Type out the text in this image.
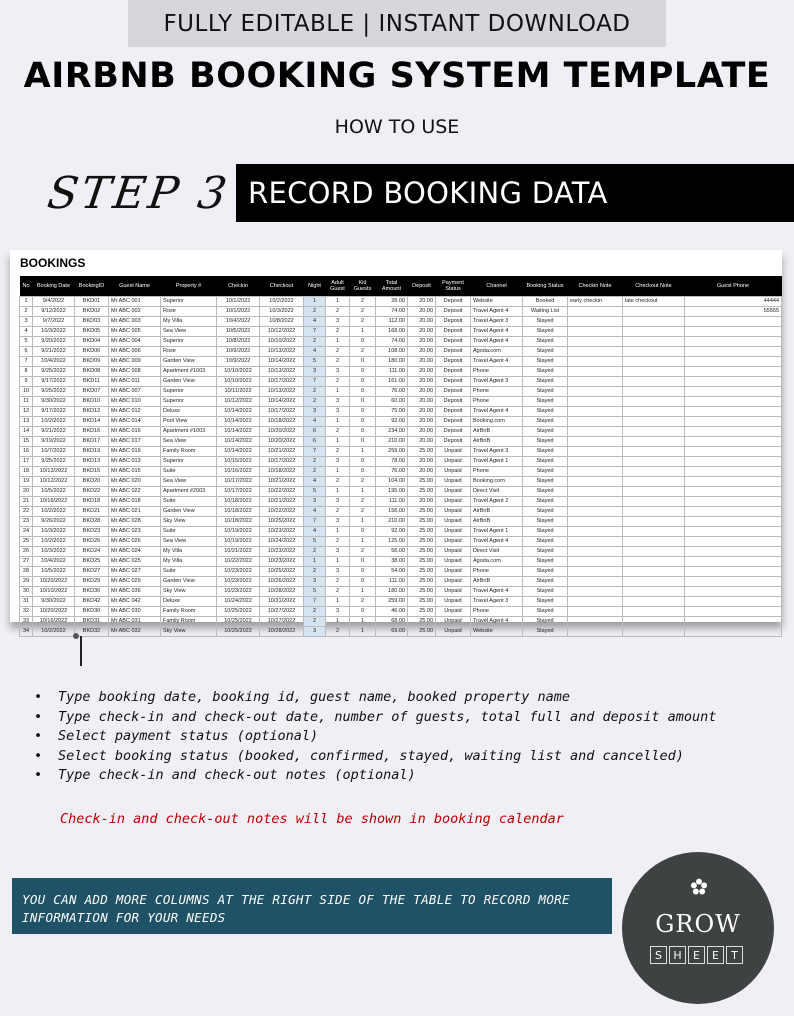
FULLY EDITABLE | INSTANT DOWNLOAD
AIRBNB BOOKING SYSTEM TEMPLATE
HOW TO USE
STEP 3 RECORD BOOKING DATA
BOOKINGS
No	Booking Date	BookingID	Guest Name	Property #	Checkin	Checkout	Night	Adult Guest	Kid Guests	Total Amount	Deposit	Payment Status	Channel	Booking Status	Checkin Note	Checkout Note	Guest Phone
1	9/4/2022	BKD01	Mr ABC 001	Superior	10/1/2022	10/2/2022	1	1	2	28.00	20.00	Deposit	Website	Booked	early checkin	late checkout	44444
2	9/12/2022	BKD02	Mr ABC 002	Rose	10/1/2022	10/3/2022	2	2	2	74.00	20.00	Deposit	Travel Agent 4	Waiting List			55555
3	9/7/2022	BKD03	Mr ABC 003	My Villa	10/4/2022	10/8/2022	4	3	2	112.00	20.00	Deposit	Travel Agent 3	Stayed			
4	10/3/2022	BKD05	Mr ABC 005	Sea View	10/5/2022	10/12/2022	7	2	1	168.00	20.00	Deposit	Travel Agent 4	Stayed			
5	9/20/2022	BKD04	Mr ABC 004	Superior	10/8/2022	10/10/2022	2	1	0	74.00	20.00	Deposit	Travel Agent 4	Stayed			
6	9/21/2022	BKD06	Mr ABC 006	Rose	10/9/2022	10/13/2022	4	2	2	108.00	20.00	Deposit	Agoda.com	Stayed			
7	10/4/2022	BKD09	Mr ABC 009	Garden View	10/9/2022	10/14/2022	5	2	0	180.00	20.00	Deposit	Travel Agent 4	Stayed			
8	9/25/2022	BKD08	Mr ABC 008	Apartment #1003	10/10/2022	10/13/2022	3	3	0	111.00	20.00	Deposit	Phone	Stayed			
9	9/17/2022	BKD11	Mr ABC 011	Garden View	10/10/2022	10/17/2022	7	2	0	161.00	20.00	Deposit	Travel Agent 3	Stayed			
10	9/25/2022	BKD07	Mr ABC 007	Superior	10/11/2022	10/13/2022	2	1	0	76.00	20.00	Deposit	Phone	Stayed			
11	9/30/2022	BKD10	Mr ABC 010	Superior	10/12/2022	10/14/2022	2	3	0	60.00	20.00	Deposit	Phone	Stayed			
12	9/17/2022	BKD12	Mr ABC 012	Deluxe	10/14/2022	10/17/2022	3	3	0	75.00	20.00	Deposit	Travel Agent 4	Stayed			
13	10/2/2022	BKD14	Mr ABC 014	Pool View	10/14/2022	10/18/2022	4	1	0	92.00	20.00	Deposit	Booking.com	Stayed			
14	9/21/2022	BKD16	Mr ABC 016	Apartment #1003	10/14/2022	10/20/2022	6	2	0	234.00	20.00	Deposit	AirBnB	Stayed			
15	9/19/2022	BKD17	Mr ABC 017	Sea View	10/14/2022	10/20/2022	6	1	0	210.00	20.00	Deposit	AirBnB	Stayed			
16	10/7/2022	BKD19	Mr ABC 019	Family Room	10/14/2022	10/21/2022	7	2	1	259.00	25.00	Unpaid	Travel Agent 3	Stayed			
17	9/25/2022	BKD13	Mr ABC 013	Superior	10/15/2022	10/17/2022	2	3	0	78.00	20.00	Unpaid	Travel Agent 1	Stayed			
18	10/13/2022	BKD15	Mr ABC 015	Suite	10/16/2022	10/18/2022	2	1	0	76.00	20.00	Unpaid	Phone	Stayed			
19	10/12/2022	BKD20	Mr ABC 020	Sea View	10/17/2022	10/21/2022	4	2	2	104.00	25.00	Unpaid	Booking.com	Stayed			
20	10/5/2022	BKD22	Mr ABC 022	Apartment #2003	10/17/2022	10/22/2022	5	1	1	195.00	25.00	Unpaid	Direct Visit	Stayed			
21	10/16/2022	BKD18	Mr ABC 018	Suite	10/18/2022	10/21/2022	3	3	2	111.00	20.00	Unpaid	Travel Agent 2	Stayed			
22	10/2/2022	BKD21	Mr ABC 021	Garden View	10/18/2022	10/22/2022	4	2	2	156.00	25.00	Unpaid	AirBnB	Stayed			
23	9/26/2022	BKD28	Mr ABC 028	Sky View	10/18/2022	10/25/2022	7	3	1	210.00	25.00	Unpaid	AirBnB	Stayed			
24	10/3/2022	BKD23	Mr ABC 023	Suite	10/19/2022	10/23/2022	4	1	0	92.00	25.00	Unpaid	Travel Agent 1	Stayed			
25	10/2/2022	BKD26	Mr ABC 026	Sea View	10/19/2022	10/24/2022	5	2	1	125.00	25.00	Unpaid	Travel Agent 4	Stayed			
26	10/3/2022	BKD24	Mr ABC 024	My Villa	10/21/2022	10/23/2022	2	3	2	56.00	25.00	Unpaid	Direct Visit	Stayed			
27	10/4/2022	BKD25	Mr ABC 025	My Villa	10/22/2022	10/23/2022	1	1	0	38.00	25.00	Unpaid	Agoda.com	Stayed			
28	10/5/2022	BKD27	Mr ABC 027	Suite	10/23/2022	10/25/2022	2	3	0	54.00	25.00	Unpaid	Phone	Stayed			
29	10/20/2022	BKD29	Mr ABC 029	Garden View	10/23/2022	10/26/2022	3	2	0	111.00	25.00	Unpaid	AirBnB	Stayed			
30	10/10/2022	BKD36	Mr ABC 036	Sky View	10/23/2022	10/28/2022	5	2	1	180.00	25.00	Unpaid	Travel Agent 4	Stayed			
31	9/30/2022	BKD42	Mr ABC 042	Deluxe	10/24/2022	10/31/2022	7	1	2	259.00	25.00	Unpaid	Travel Agent 3	Stayed			
32	10/20/2022	BKD30	Mr ABC 030	Family Room	10/25/2022	10/27/2022	2	3	0	46.00	25.00	Unpaid	Phone	Stayed			
33	10/16/2022	BKD31	Mr ABC 031	Family Room	10/25/2022	10/27/2022	2	1	1	68.00	25.00	Unpaid	Travel Agent 4	Stayed			
34	10/2/2022	BKD32	Mr ABC 032	Sky View	10/25/2022	10/28/2022	3	2	1	69.00	25.00	Unpaid	Website	Stayed			
• Type booking date, booking id, guest name, booked property name
• Type check-in and check-out date, number of guests, total full and deposit amount
• Select payment status (optional)
• Select booking status (booked, confirmed, stayed, waiting list and cancelled)
• Type check-in and check-out notes (optional)
Check-in and check-out notes will be shown in booking calendar

YOU CAN ADD MORE COLUMNS AT THE RIGHT SIDE OF THE TABLE TO RECORD MORE INFORMATION FOR YOUR NEEDS	GROW
S	H	E	E	T
